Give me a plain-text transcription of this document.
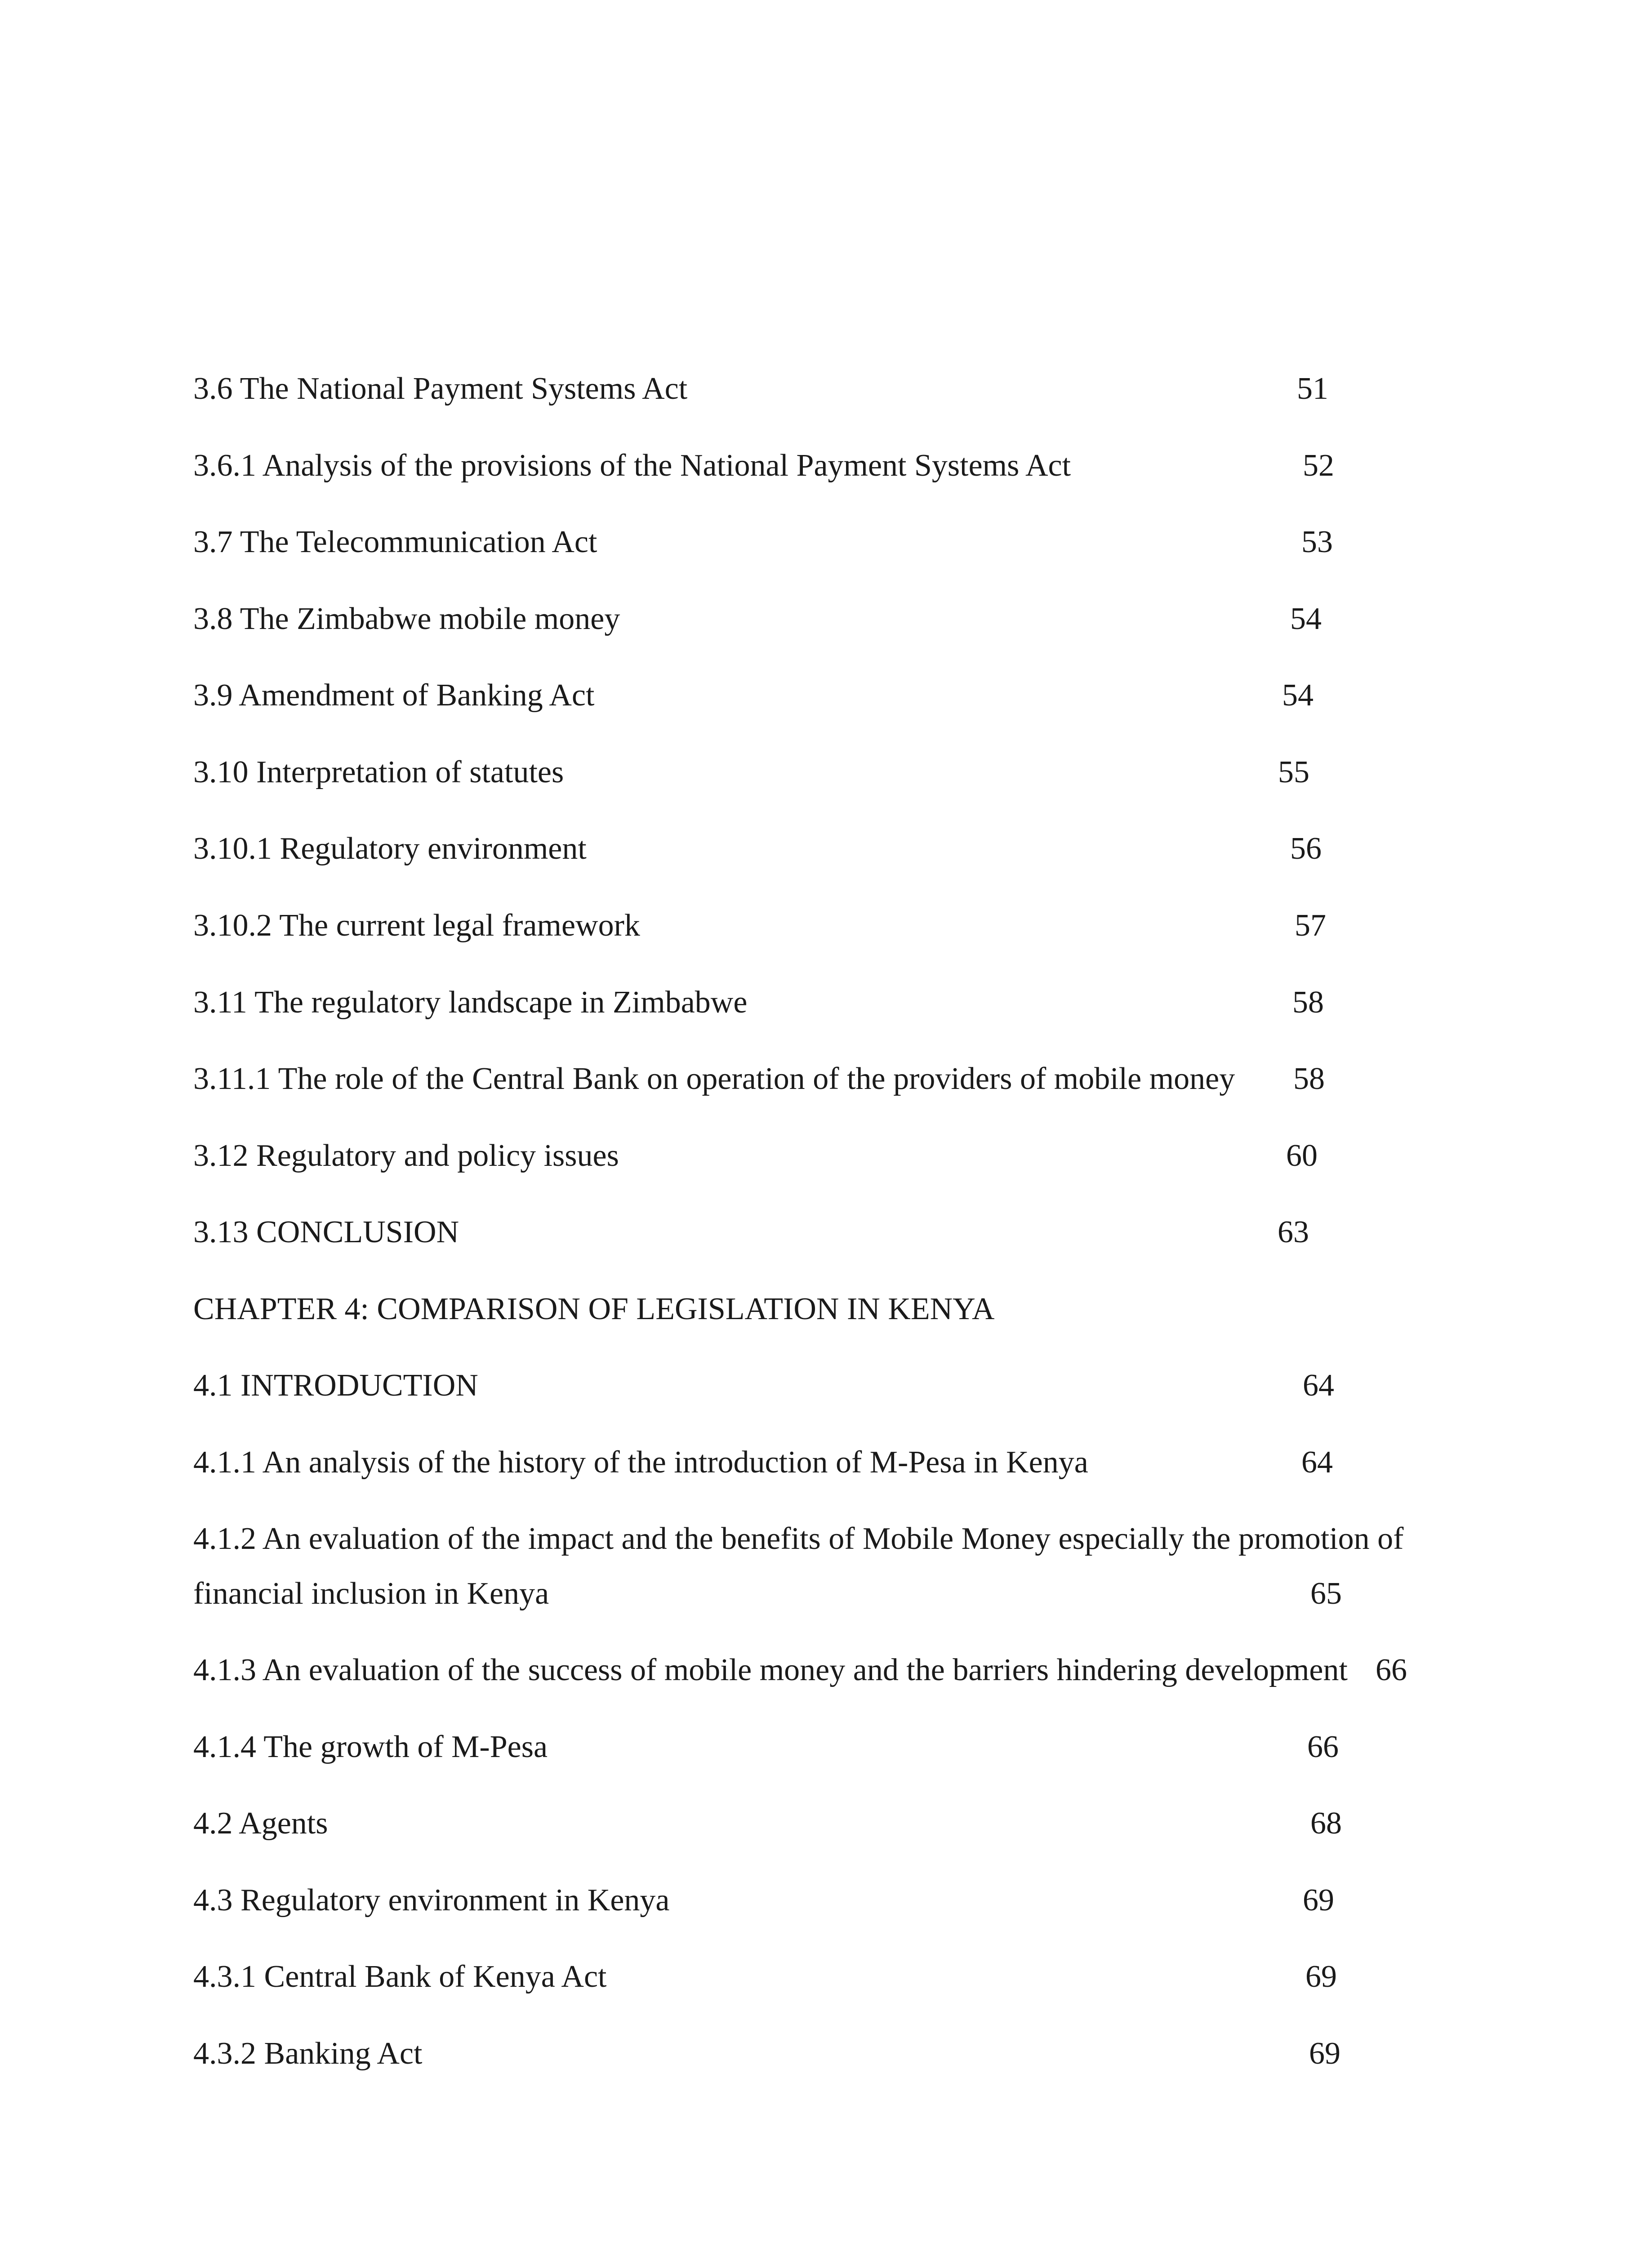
3.6 The National Payment Systems Act	51
3.6.1 Analysis of the provisions of the National Payment Systems Act	52
3.7 The Telecommunication Act	53
3.8 The Zimbabwe mobile money	54
3.9 Amendment of Banking Act	54
3.10 Interpretation of statutes	55
3.10.1 Regulatory environment	56
3.10.2 The current legal framework	57
3.11 The regulatory landscape in Zimbabwe	58
3.11.1 The role of the Central Bank on operation of the providers of mobile money 58
3.12 Regulatory and policy issues	60
3.13 CONCLUSION	63
CHAPTER 4: COMPARISON OF LEGISLATION IN KENYA
4.1 INTRODUCTION	64
4.1.1 An analysis of the history of the introduction of M-Pesa in Kenya	64
4.1.2 An evaluation of the impact and the benefits of Mobile Money especially the promotion of
financial inclusion in Kenya	65
4.1.3 An evaluation of the success of mobile money and the barriers hindering development 66
4.1.4 The growth of M-Pesa	66
4.2 Agents	68
4.3 Regulatory environment in Kenya	69
4.3.1 Central Bank of Kenya Act	69
4.3.2 Banking Act	69
